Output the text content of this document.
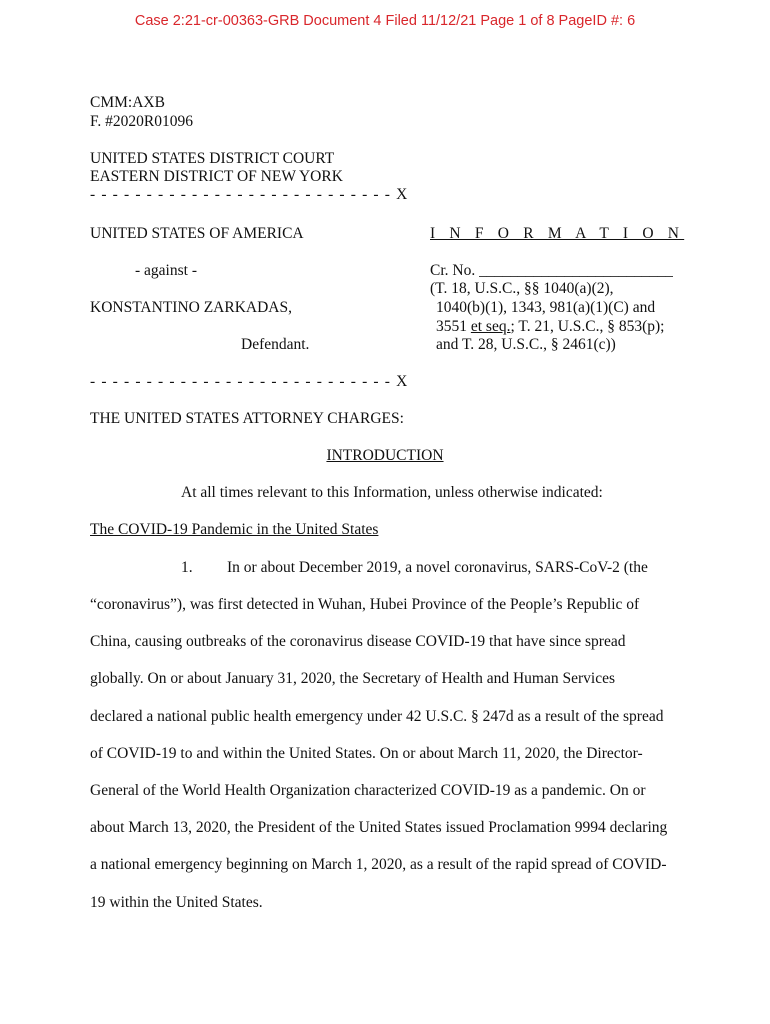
Case 2:21-cr-00363-GRB Document 4 Filed 11/12/21 Page 1 of 8 PageID #: 6
CMM:AXB
F. #2020R01096
UNITED STATES DISTRICT COURT
EASTERN DISTRICT OF NEW YORK
- - - - - - - - - - - - - - - - - - - - - - - - - - - X
UNITED STATES OF AMERICA	I N F O R M A T I O N
- against -	Cr. No. _________________________
(T. 18, U.S.C., §§ 1040(a)(2),
KONSTANTINO ZARKADAS,	1040(b)(1), 1343, 981(a)(1)(C) and
3551 et seq.; T. 21, U.S.C., § 853(p);
Defendant.	and T. 28, U.S.C., § 2461(c))
- - - - - - - - - - - - - - - - - - - - - - - - - - - X
THE UNITED STATES ATTORNEY CHARGES:
INTRODUCTION
At all times relevant to this Information, unless otherwise indicated:
The COVID-19 Pandemic in the United States
1. In or about December 2019, a novel coronavirus, SARS-CoV-2 (the
“coronavirus”), was first detected in Wuhan, Hubei Province of the People’s Republic of
China, causing outbreaks of the coronavirus disease COVID-19 that have since spread
globally. On or about January 31, 2020, the Secretary of Health and Human Services
declared a national public health emergency under 42 U.S.C. § 247d as a result of the spread
of COVID-19 to and within the United States. On or about March 11, 2020, the Director-
General of the World Health Organization characterized COVID-19 as a pandemic. On or
about March 13, 2020, the President of the United States issued Proclamation 9994 declaring
a national emergency beginning on March 1, 2020, as a result of the rapid spread of COVID-
19 within the United States.
